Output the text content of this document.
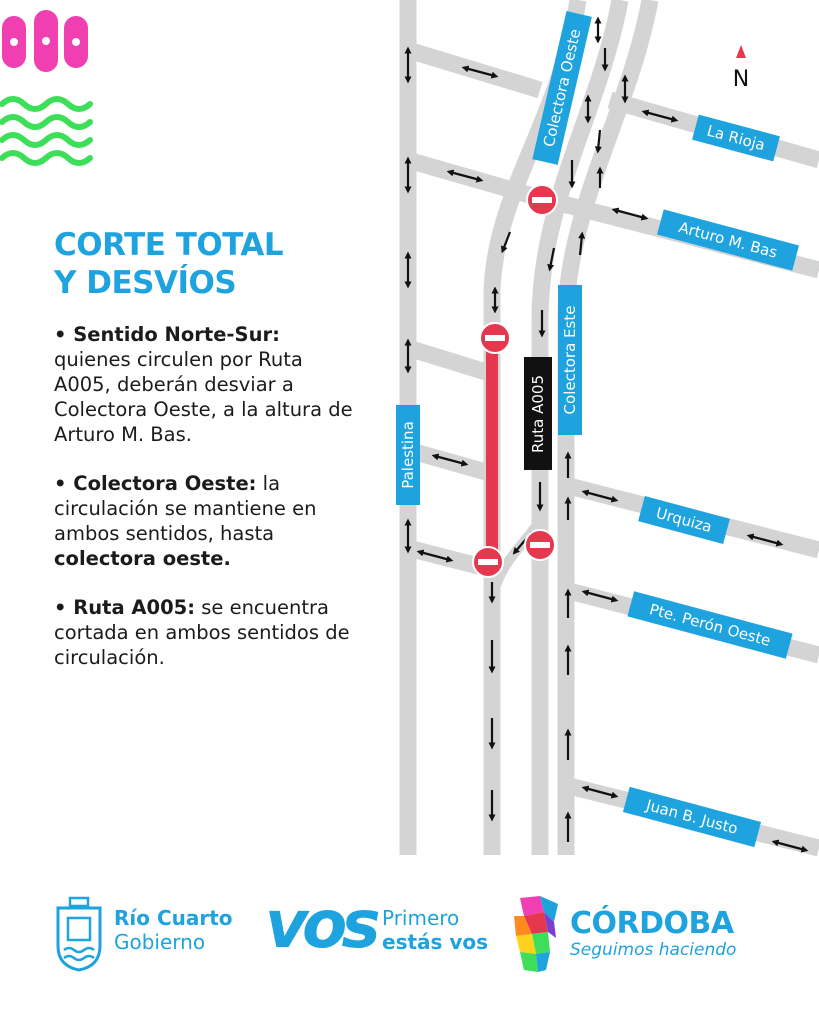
CORTE TOTAL
Y DESVÍOS

• Sentido Norte-Sur: quienes circulen por Ruta A005, deberán desviar a Colectora Oeste, a la altura de Arturo M. Bas.

• Colectora Oeste: la circulación se mantiene en ambos sentidos, hasta colectora oeste.

• Ruta A005: se encuentra cortada en ambos sentidos de circulación.

N
Colectora Oeste	La Rioja
Arturo M. Bas
Colectora Este
Ruta A005
Palestina
Urquiza
Pte. Perón Oeste
Juan B. Justo
Río Cuarto
Gobierno vos Primero
estás vos
CÓRDOBA
Seguimos haciendo
